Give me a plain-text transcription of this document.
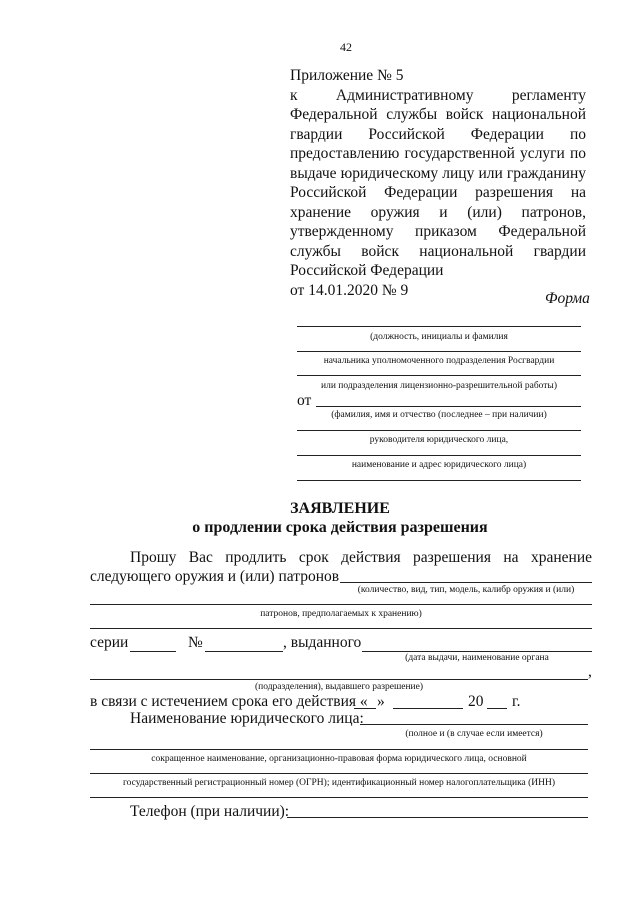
42
Приложение № 5
к Административному регламенту
Федеральной службы войск национальной
гвардии Российской Федерации по
предоставлению государственной услуги по
выдаче юридическому лицу или гражданину
Российской Федерации разрешения на
хранение оружия и (или) патронов,
утвержденному приказом Федеральной
службы войск национальной гвардии
Российской Федерации
от 14.01.2020 № 9	Форма
(должность, инициалы и фамилия
начальника уполномоченного подразделения Росгвардии
или подразделения лицензионно-разрешительной работы)
от
(фамилия, имя и отчество (последнее – при наличии)
руководителя юридического лица,
наименование и адрес юридического лица)
ЗАЯВЛЕНИЕ
о продлении срока действия разрешения
Прошу Вас продлить срок действия разрешения на хранение
следующего оружия и (или) патронов
(количество, вид, тип, модель, калибр оружия и (или)
патронов, предполагаемых к хранению)
серии	№	, выданного
(дата выдачи, наименование органа
,
(подразделения), выдавшего разрешение)
в связи с истечением срока его действия « »	20 г.
Наименование юридического лица:
(полное и (в случае если имеется)
сокращенное наименование, организационно-правовая форма юридического лица, основной
государственный регистрационный номер (ОГРН); идентификационный номер налогоплательщика (ИНН)
Телефон (при наличии):
